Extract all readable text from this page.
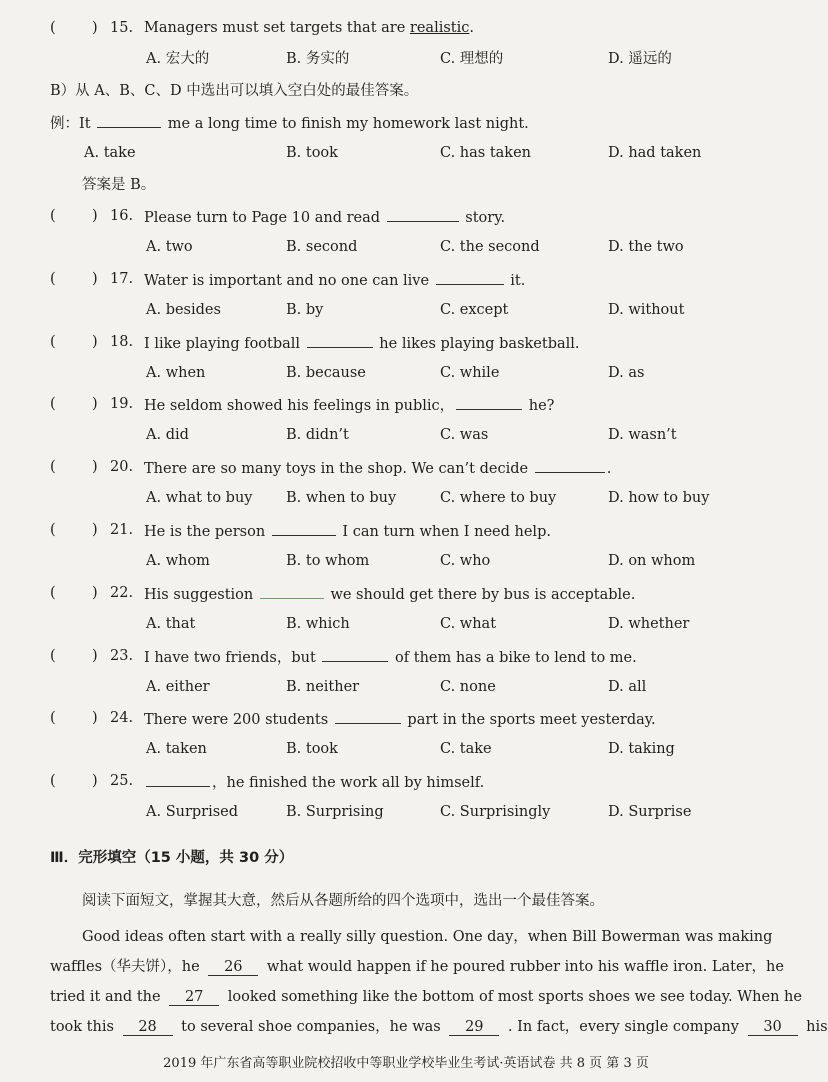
(	) 15. Managers must set targets that are realistic.
A. 宏大的	B. 务实的	C. 理想的	D. 遥远的
B）从 A、B、C、D 中选出可以填入空白处的最佳答案。
例：It	me a long time to finish my homework last night.
A. take	B. took	C. has taken	D. had taken
答案是 B。
(	) 16. Please turn to Page 10 and read	story.
A. two	B. second	C. the second	D. the two
(	) 17. Water is important and no one can live	it.
A. besides	B. by	C. except	D. without
(	) 18. I like playing football	he likes playing basketball.
A. when	B. because	C. while	D. as
(	) 19. He seldom showed his feelings in public，	he?
A. did	B. didn’t	C. was	D. wasn’t
(	) 20. There are so many toys in the shop. We can’t decide	.
A. what to buy B. when to buy	C. where to buy	D. how to buy
(	) 21. He is the person	I can turn when I need help.
A. whom	B. to whom	C. who	D. on whom
(	) 22. His suggestion	we should get there by bus is acceptable.
A. that	B. which	C. what	D. whether
(	) 23. I have two friends，but	of them has a bike to lend to me.
A. either	B. neither	C. none	D. all
(	) 24. There were 200 students	part in the sports meet yesterday.
A. taken	B. took	C. take	D. taking
(	) 25.	，he finished the work all by himself.
A. Surprised	B. Surprising	C. Surprisingly	D. Surprise
Ⅲ．完形填空（15 小题，共 30 分）
阅读下面短文，掌握其大意，然后从各题所给的四个选项中，选出一个最佳答案。
Good ideas often start with a really silly question. One day，when Bill Bowerman was making
waffles（华夫饼），he 26 what would happen if he poured rubber into his waffle iron. Later，he
tried it and the 27 looked something like the bottom of most sports shoes we see today. When he
took this 28 to several shoe companies，he was 29 . In fact，every single company 30 his
2019 年广东省高等职业院校招收中等职业学校毕业生考试·英语试卷 共 8 页 第 3 页
